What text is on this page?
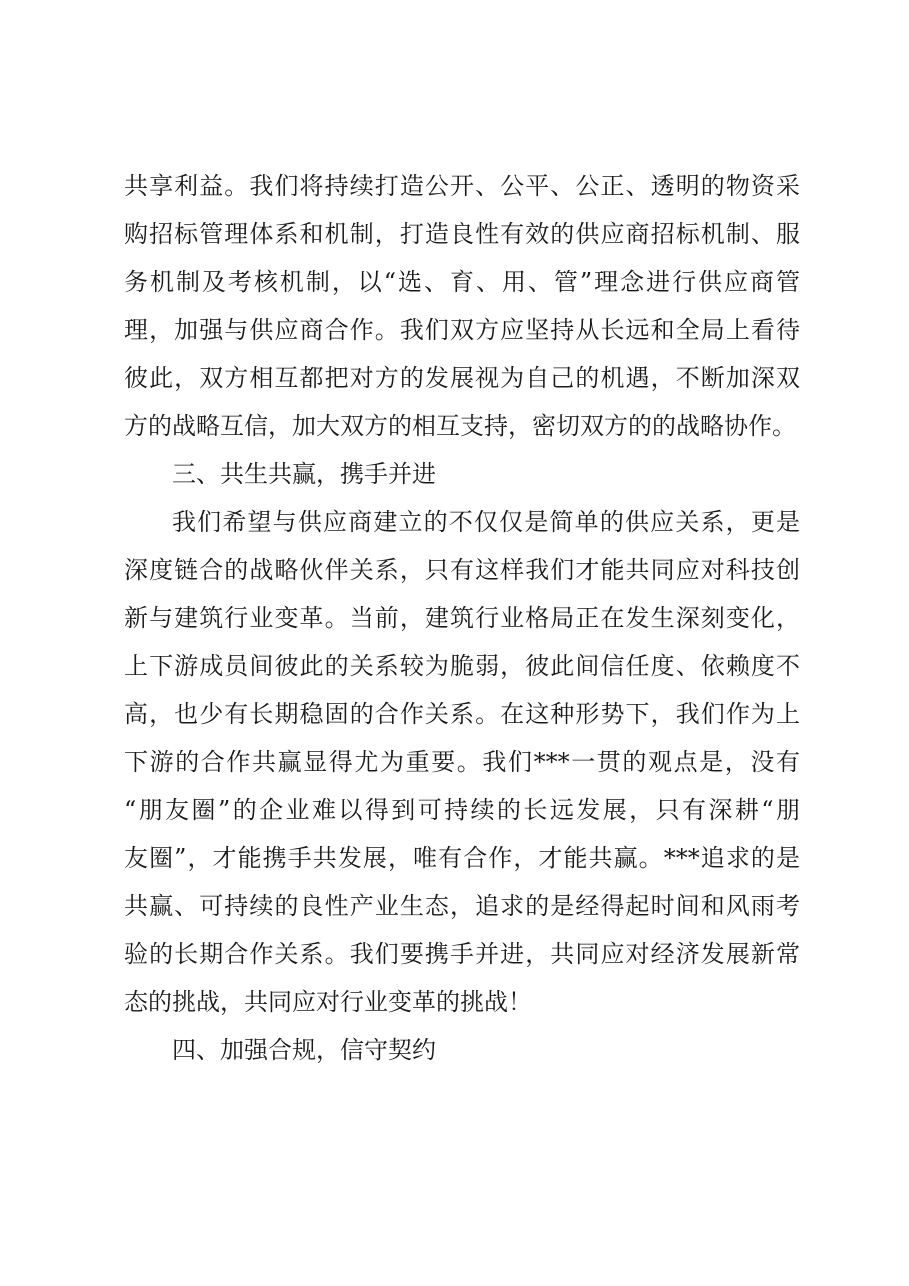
共享利益。我们将持续打造公开、公平、公正、透明的物资采
购招标管理体系和机制，打造良性有效的供应商招标机制、服
务机制及考核机制，以“选、育、用、管”理念进行供应商管
理，加强与供应商合作。我们双方应坚持从长远和全局上看待
彼此，双方相互都把对方的发展视为自己的机遇，不断加深双
方的战略互信，加大双方的相互支持，密切双方的的战略协作。
三、共生共赢，携手并进
我们希望与供应商建立的不仅仅是简单的供应关系，更是
深度链合的战略伙伴关系，只有这样我们才能共同应对科技创
新与建筑行业变革。当前，建筑行业格局正在发生深刻变化，
上下游成员间彼此的关系较为脆弱，彼此间信任度、依赖度不
高，也少有长期稳固的合作关系。在这种形势下，我们作为上
下游的合作共赢显得尤为重要。我们***一贯的观点是，没有
“朋友圈”的企业难以得到可持续的长远发展，只有深耕“朋
友圈”，才能携手共发展，唯有合作，才能共赢。***追求的是
共赢、可持续的良性产业生态，追求的是经得起时间和风雨考
验的长期合作关系。我们要携手并进，共同应对经济发展新常
态的挑战，共同应对行业变革的挑战！
四、加强合规，信守契约
